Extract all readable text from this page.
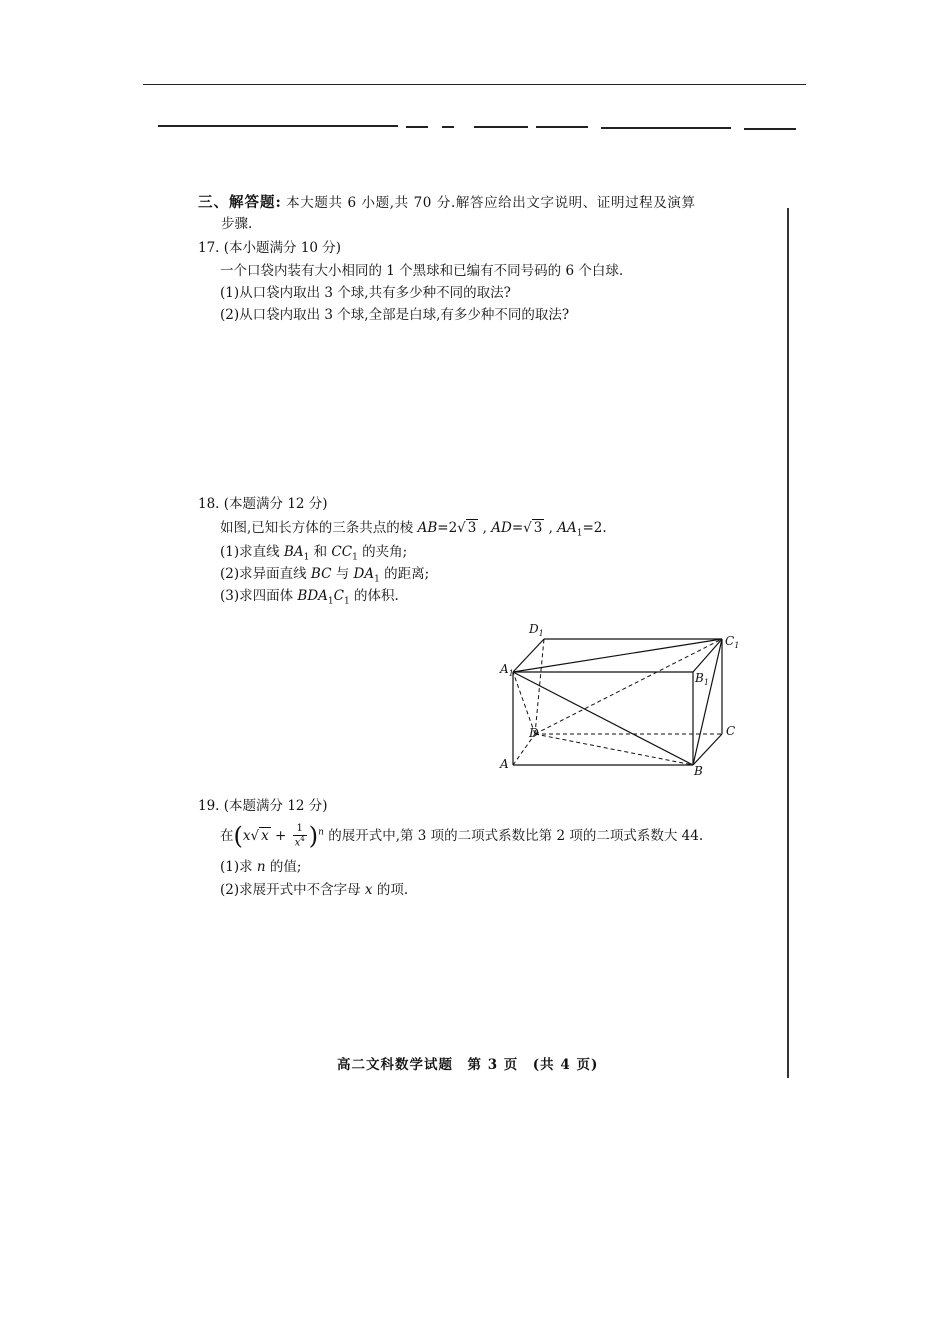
三、解答题: 本大题共 6 小题,共 70 分.解答应给出文字说明、证明过程及演算
步骤.
17. (本小题满分 10 分)
一个口袋内装有大小相同的 1 个黑球和已编有不同号码的 6 个白球.
(1)从口袋内取出 3 个球,共有多少种不同的取法?
(2)从口袋内取出 3 个球,全部是白球,有多少种不同的取法?
18. (本题满分 12 分)
如图,已知长方体的三条共点的棱 AB=2√ 3 , AD=√ 3 , $AA_1=2$.
(1)求直线 $BA_1$ 和 $CC_1$ 的夹角;
(2)求异面直线 BC 与 $DA_1$ 的距离;
(3)求四面体 $BDA_1C_1$ 的体积.
$D_1$
$C_1$
$A_1$	$B_1$
D	C
A	B
19. (本题满分 12 分)
在(x√ $x + \frac{1}{x^4} )^n$ 的展开式中,第 3 项的二项式系数比第 2 项的二项式系数大 44.
(1)求 n 的值;
(2)求展开式中不含字母 x 的项.
高二文科数学试题　第 3 页　(共 4 页)
